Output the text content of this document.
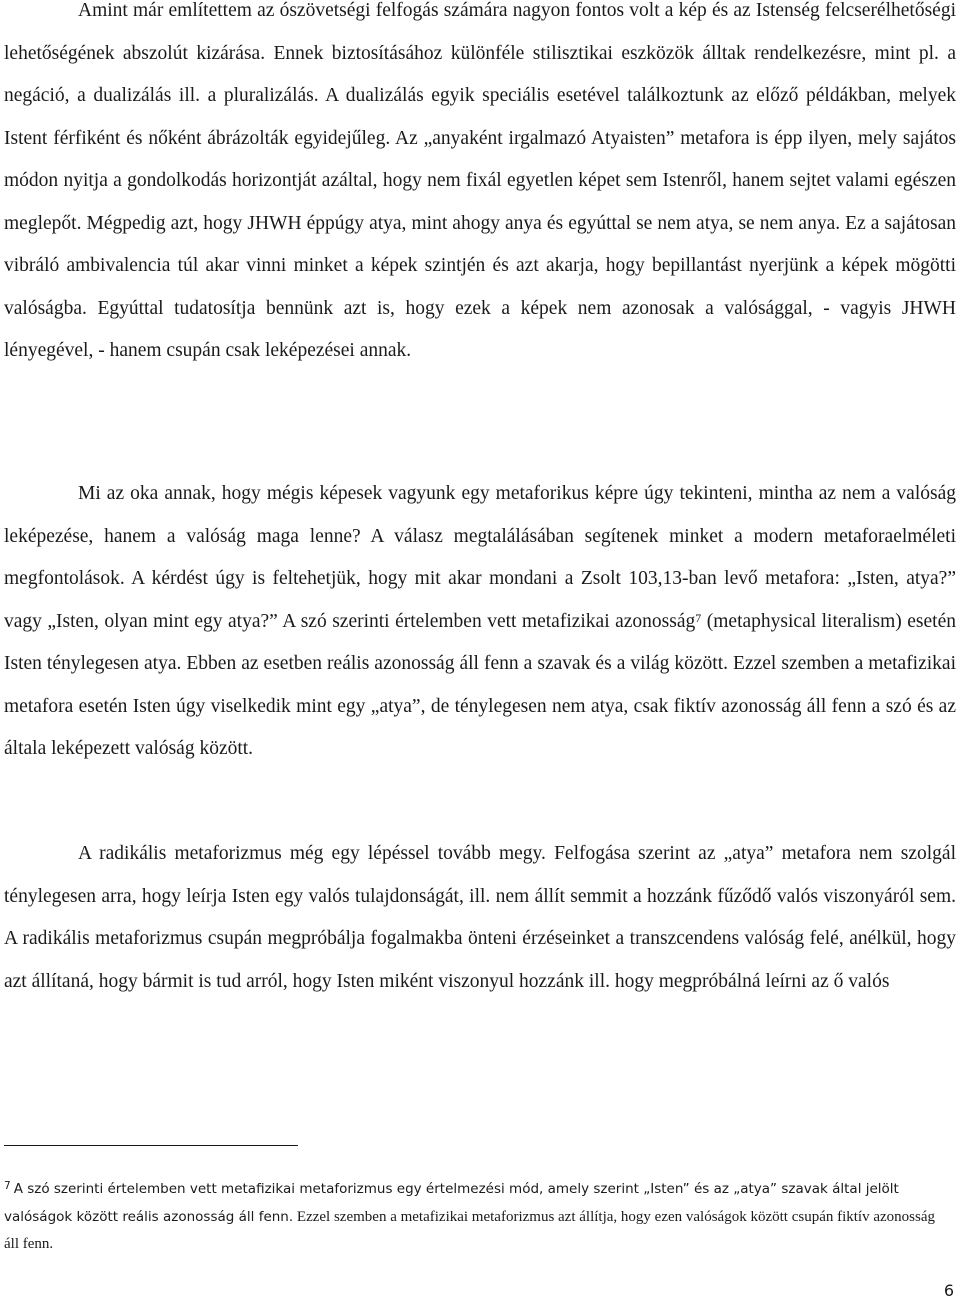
Amint már említettem az ószövetségi felfogás számára nagyon fontos volt a kép és az Istenség felcserélhetőségi lehetőségének abszolút kizárása. Ennek biztosításához különféle stilisztikai eszközök álltak rendelkezésre, mint pl. a negáció, a dualizálás ill. a pluralizálás. A dualizálás egyik speciális esetével találkoztunk az előző példákban, melyek Istent férfiként és nőként ábrázolták egyidejűleg. Az „anyaként irgalmazó Atyaisten” metafora is épp ilyen, mely sajátos módon nyitja a gondolkodás horizontját azáltal, hogy nem fixál egyetlen képet sem Istenről, hanem sejtet valami egészen meglepőt. Mégpedig azt, hogy JHWH éppúgy atya, mint ahogy anya és egyúttal se nem atya, se nem anya. Ez a sajátosan vibráló ambivalencia túl akar vinni minket a képek szintjén és azt akarja, hogy bepillantást nyerjünk a képek mögötti valóságba. Egyúttal tudatosítja bennünk azt is, hogy ezek a képek nem azonosak a valósággal, - vagyis JHWH lényegével, - hanem csupán csak leképezései annak.

Mi az oka annak, hogy mégis képesek vagyunk egy metaforikus képre úgy tekinteni, mintha az nem a valóság leképezése, hanem a valóság maga lenne? A válasz megtalálásában segítenek minket a modern metaforaelméleti megfontolások. A kérdést úgy is feltehetjük, hogy mit akar mondani a Zsolt 103,13-ban levő metafora: „Isten, atya?” vagy „Isten, olyan mint egy atya?” A szó szerinti értelemben vett metafizikai azonosság$^7$ (metaphysical literalism) esetén Isten ténylegesen atya. Ebben az esetben reális azonosság áll fenn a szavak és a világ között. Ezzel szemben a metafizikai metafora esetén Isten úgy viselkedik mint egy „atya”, de ténylegesen nem atya, csak fiktív azonosság áll fenn a szó és az általa leképezett valóság között.

A radikális metaforizmus még egy lépéssel tovább megy. Felfogása szerint az „atya” metafora nem szolgál ténylegesen arra, hogy leírja Isten egy valós tulajdonságát, ill. nem állít semmit a hozzánk fűződő valós viszonyáról sem. A radikális metaforizmus csupán megpróbálja fogalmakba önteni érzéseinket a transzcendens valóság felé, anélkül, hogy azt állítaná, hogy bármit is tud arról, hogy Isten miként viszonyul hozzánk ill. hogy megpróbálná leírni az ő valós

$^7$ A szó szerinti értelemben vett metafizikai metaforizmus egy értelmezési mód, amely szerint „Isten” és az „atya” szavak által jelölt valóságok között reális azonosság áll fenn. Ezzel szemben a metafizikai metaforizmus azt állítja, hogy ezen valóságok között csupán fiktív azonosság áll fenn.

6
